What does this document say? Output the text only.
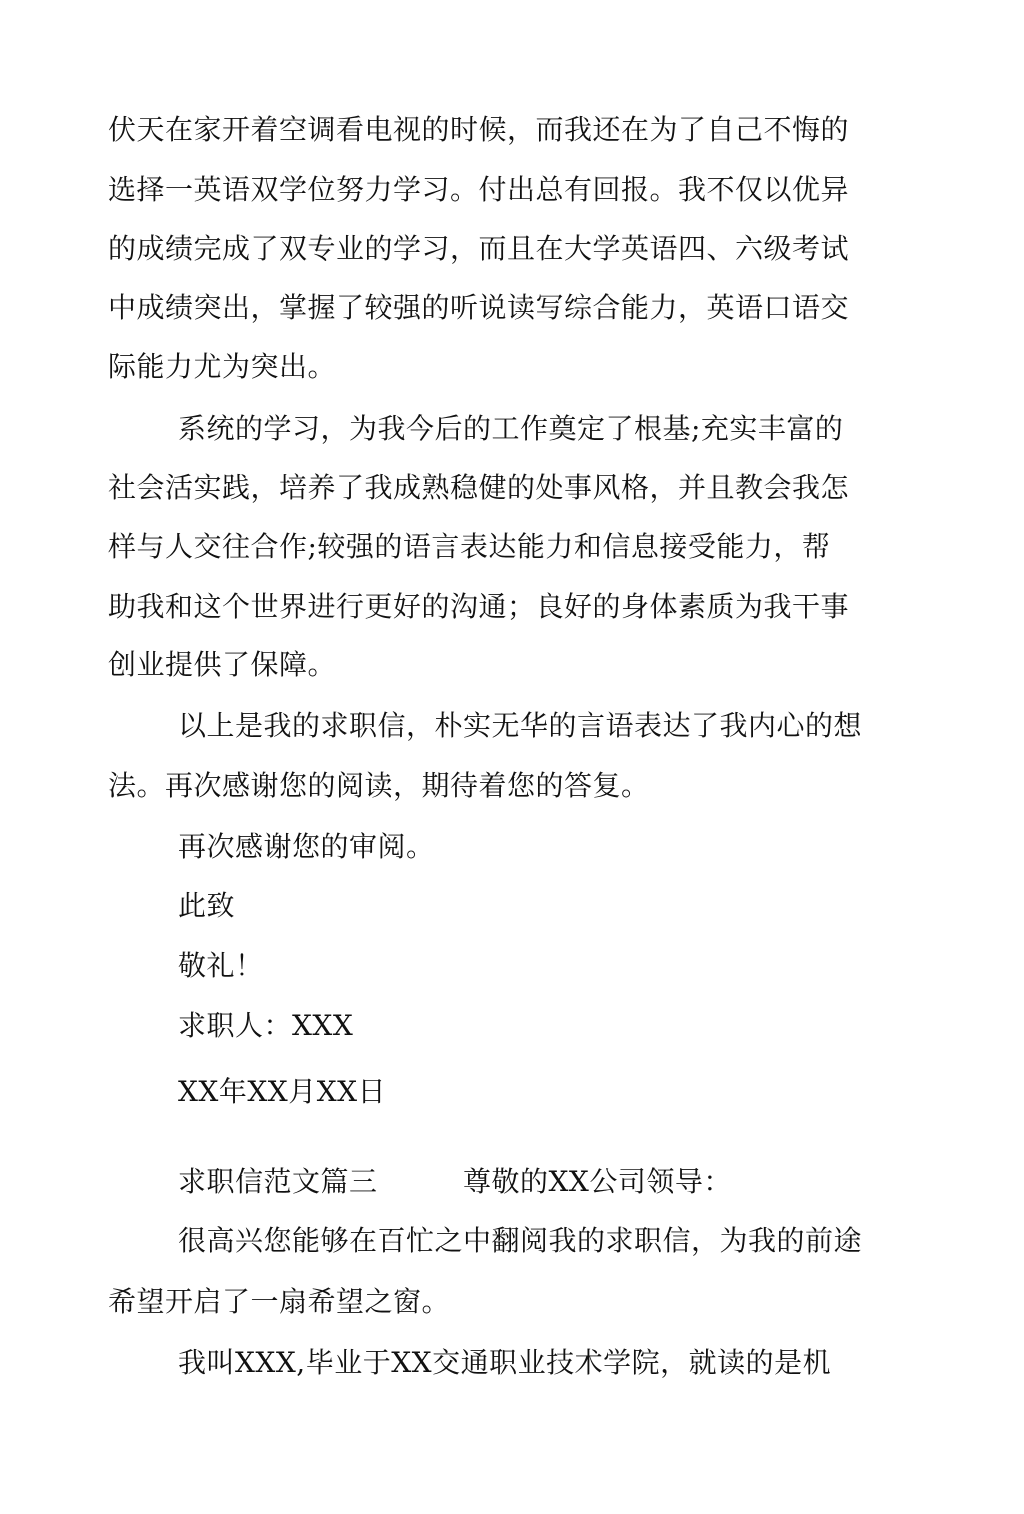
伏天在家开着空调看电视的时候，而我还在为了自己不悔的
选择一英语双学位努力学习。付出总有回报。我不仅以优异
的成绩完成了双专业的学习，而且在大学英语四、六级考试
中成绩突出，掌握了较强的听说读写综合能力，英语口语交
际能力尤为突出。
系统的学习，为我今后的工作奠定了根基;充实丰富的
社会活实践，培养了我成熟稳健的处事风格，并且教会我怎
样与人交往合作;较强的语言表达能力和信息接受能力，帮
助我和这个世界进行更好的沟通；良好的身体素质为我干事
创业提供了保障。
以上是我的求职信，朴实无华的言语表达了我内心的想
法。再次感谢您的阅读，期待着您的答复。
再次感谢您的审阅。
此致
敬礼！
求职人：XXX
XX年XX月XX日
求职信范文篇三　　　尊敬的XX公司领导：
很高兴您能够在百忙之中翻阅我的求职信，为我的前途
希望开启了一扇希望之窗。
我叫XXX,毕业于XX交通职业技术学院，就读的是机
